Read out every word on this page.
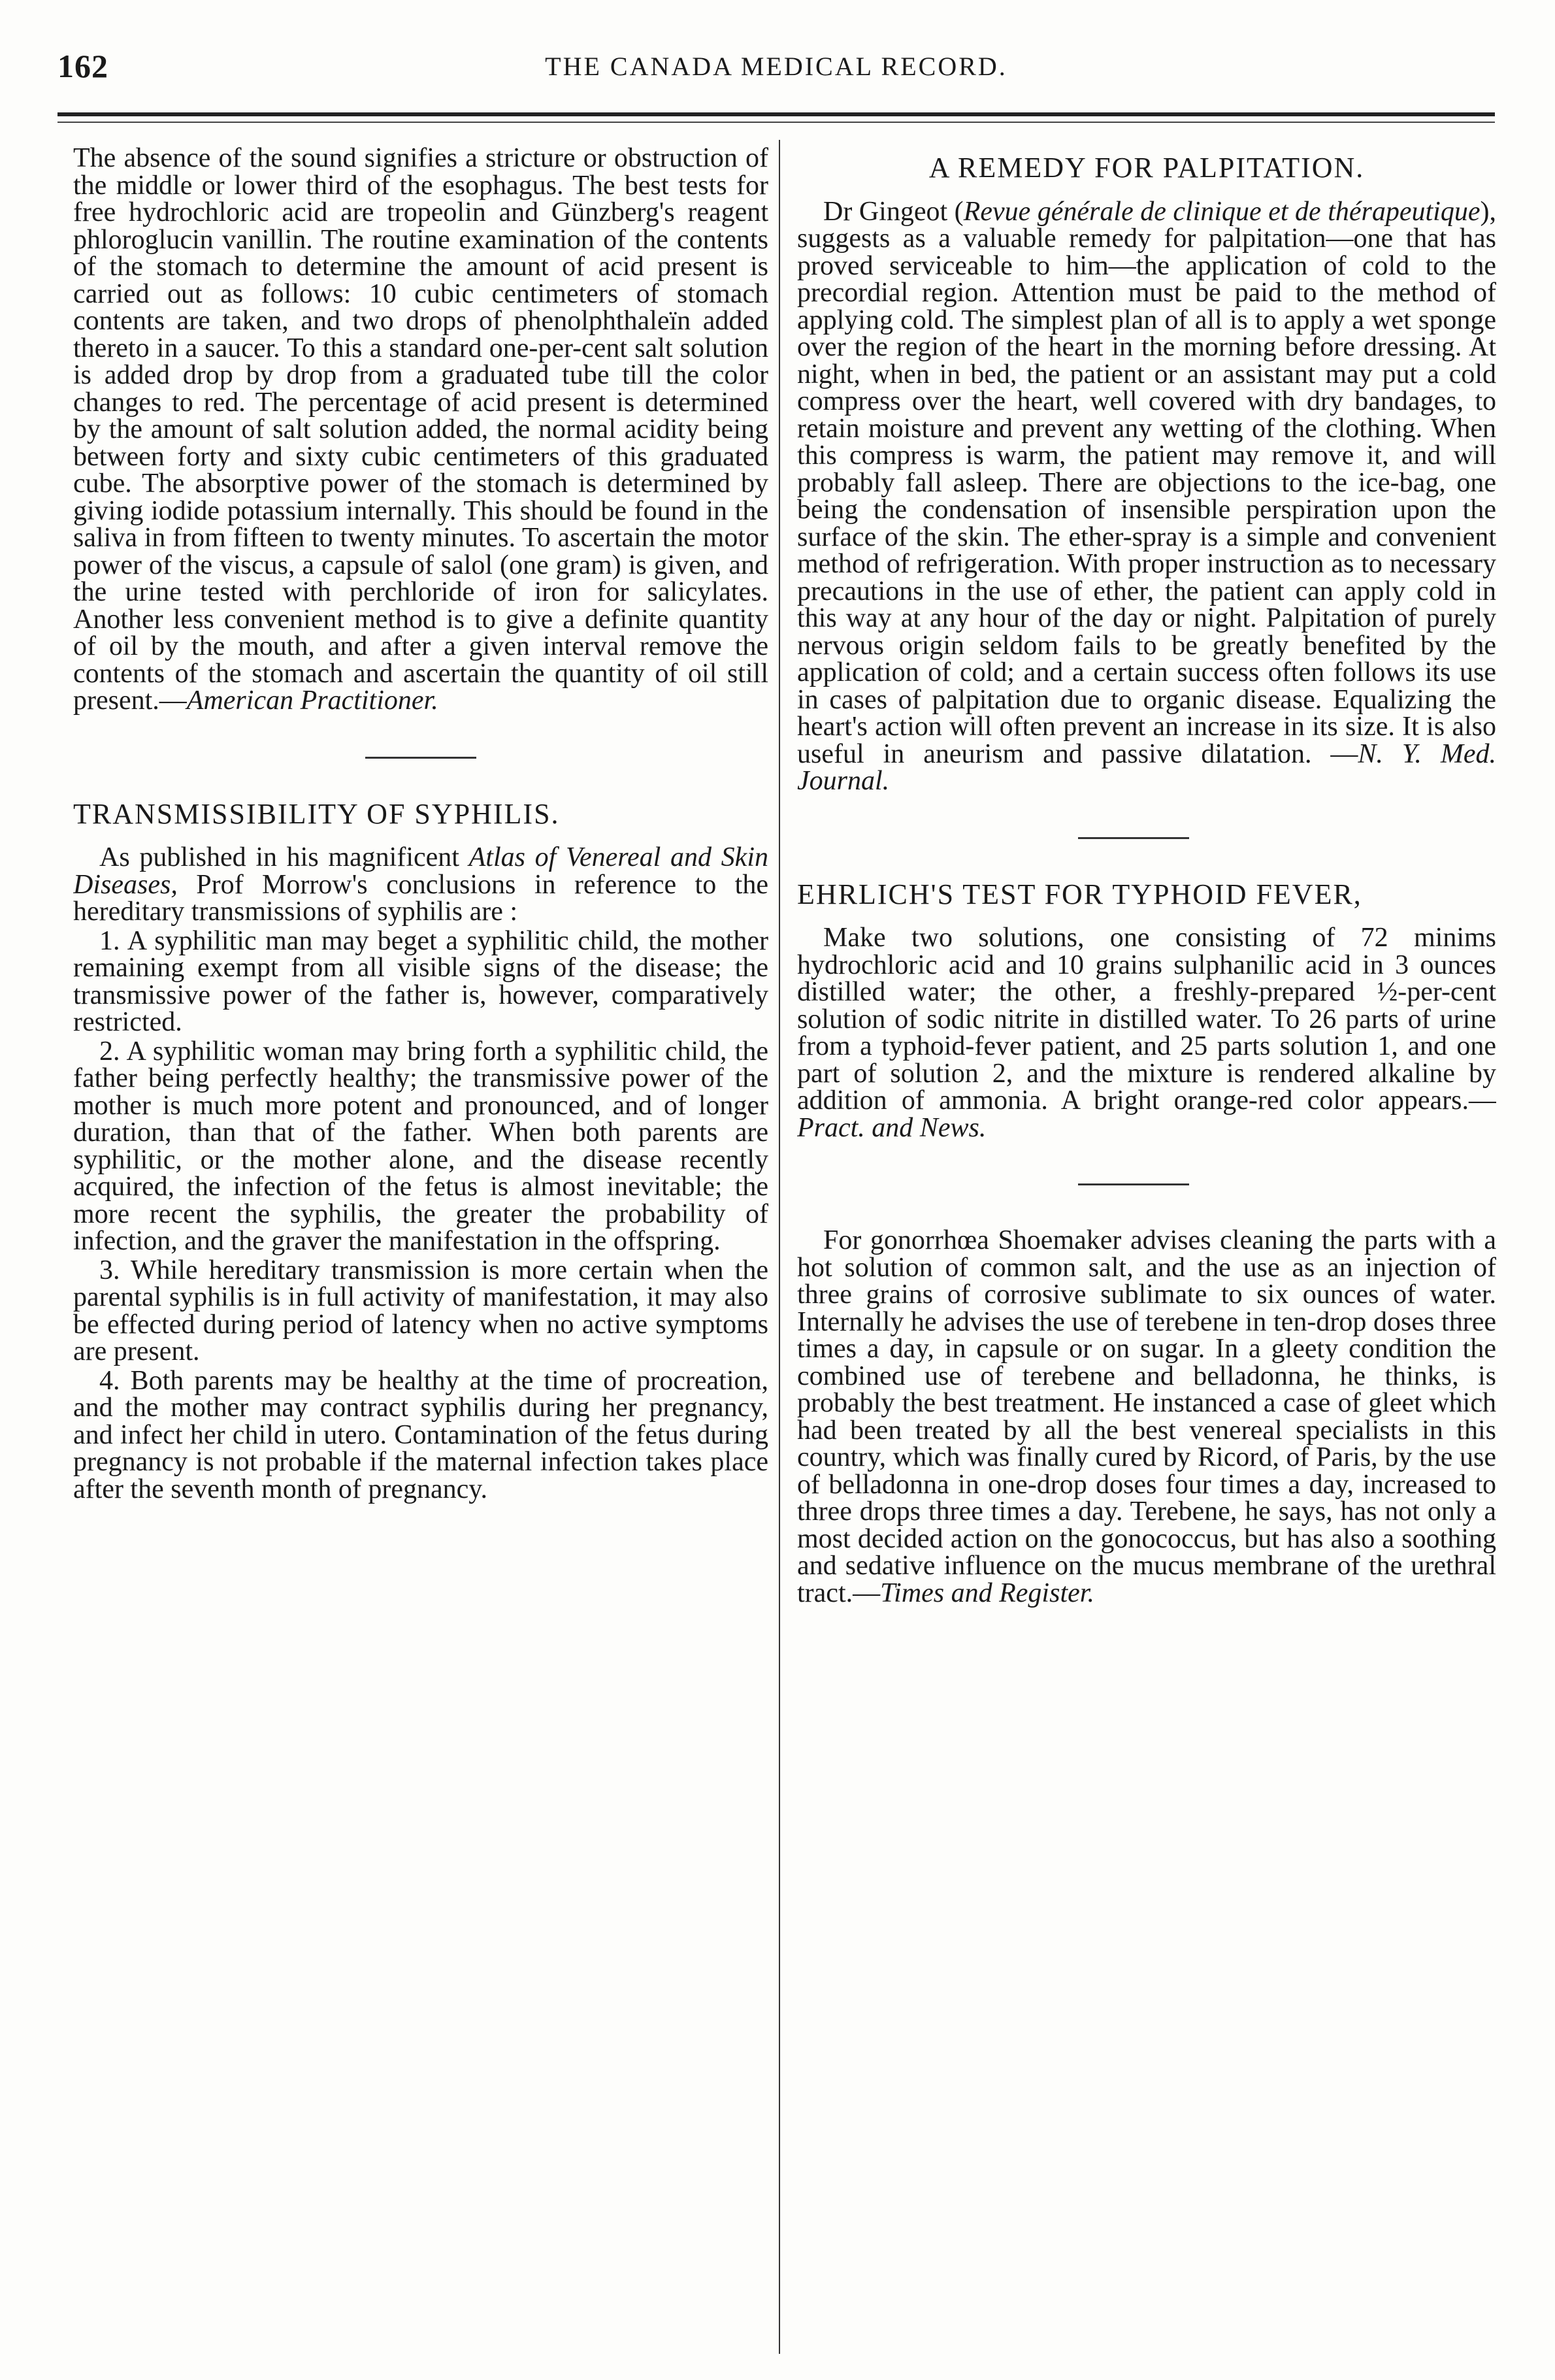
162	THE CANADA MEDICAL RECORD.

The absence of the sound signifies a stricture or obstruction of the middle or lower third of the esophagus. The best tests for free hydrochloric acid are tropeolin and Günzberg's reagent phloroglucin vanillin. The routine examination of the contents of the stomach to determine the amount of acid present is carried out as follows: 10 cubic centimeters of stomach contents are taken, and two drops of phenolphthaleïn added thereto in a saucer. To this a standard one-per-cent salt solution is added drop by drop from a graduated tube till the color changes to red. The percentage of acid present is determined by the amount of salt solution added, the normal acidity being between forty and sixty cubic centimeters of this graduated cube. The absorptive power of the stomach is determined by giving iodide potassium internally. This should be found in the saliva in from fifteen to twenty minutes. To ascertain the motor power of the viscus, a capsule of salol (one gram) is given, and the urine tested with perchloride of iron for salicylates. Another less convenient method is to give a definite quantity of oil by the mouth, and after a given interval remove the contents of the stomach and ascertain the quantity of oil still present.—American Practitioner.

TRANSMISSIBILITY OF SYPHILIS.

As published in his magnificent Atlas of Venereal and Skin Diseases, Prof Morrow's conclusions in reference to the hereditary transmissions of syphilis are :

1. A syphilitic man may beget a syphilitic child, the mother remaining exempt from all visible signs of the disease; the transmissive power of the father is, however, comparatively restricted.

2. A syphilitic woman may bring forth a syphilitic child, the father being perfectly healthy; the transmissive power of the mother is much more potent and pronounced, and of longer duration, than that of the father. When both parents are syphilitic, or the mother alone, and the disease recently acquired, the infection of the fetus is almost inevitable; the more recent the syphilis, the greater the probability of infection, and the graver the manifestation in the offspring.

3. While hereditary transmission is more certain when the parental syphilis is in full activity of manifestation, it may also be effected during period of latency when no active symptoms are present.

4. Both parents may be healthy at the time of procreation, and the mother may contract syphilis during her pregnancy, and infect her child in utero. Contamination of the fetus during pregnancy is not probable if the maternal infection takes place after the seventh month of pregnancy.

A REMEDY FOR PALPITATION.

Dr Gingeot (Revue générale de clinique et de thérapeutique), suggests as a valuable remedy for palpitation—one that has proved serviceable to him—the application of cold to the precordial region. Attention must be paid to the method of applying cold. The simplest plan of all is to apply a wet sponge over the region of the heart in the morning before dressing. At night, when in bed, the patient or an assistant may put a cold compress over the heart, well covered with dry bandages, to retain moisture and prevent any wetting of the clothing. When this compress is warm, the patient may remove it, and will probably fall asleep. There are objections to the ice-bag, one being the condensation of insensible perspiration upon the surface of the skin. The ether-spray is a simple and convenient method of refrigeration. With proper instruction as to necessary precautions in the use of ether, the patient can apply cold in this way at any hour of the day or night. Palpitation of purely nervous origin seldom fails to be greatly benefited by the application of cold; and a certain success often follows its use in cases of palpitation due to organic disease. Equalizing the heart's action will often prevent an increase in its size. It is also useful in aneurism and passive dilatation. —N. Y. Med. Journal.

EHRLICH'S TEST FOR TYPHOID FEVER,

Make two solutions, one consisting of 72 minims hydrochloric acid and 10 grains sulphanilic acid in 3 ounces distilled water; the other, a freshly-prepared ½-per-cent solution of sodic nitrite in distilled water. To 26 parts of urine from a typhoid-fever patient, and 25 parts solution 1, and one part of solution 2, and the mixture is rendered alkaline by addition of ammonia. A bright orange-red color appears.—Pract. and News.

For gonorrhœa Shoemaker advises cleaning the parts with a hot solution of common salt, and the use as an injection of three grains of corrosive sublimate to six ounces of water. Internally he advises the use of terebene in ten-drop doses three times a day, in capsule or on sugar. In a gleety condition the combined use of terebene and belladonna, he thinks, is probably the best treatment. He instanced a case of gleet which had been treated by all the best venereal specialists in this country, which was finally cured by Ricord, of Paris, by the use of belladonna in one-drop doses four times a day, increased to three drops three times a day. Terebene, he says, has not only a most decided action on the gonococcus, but has also a soothing and sedative influence on the mucus membrane of the urethral tract.—Times and Register.
